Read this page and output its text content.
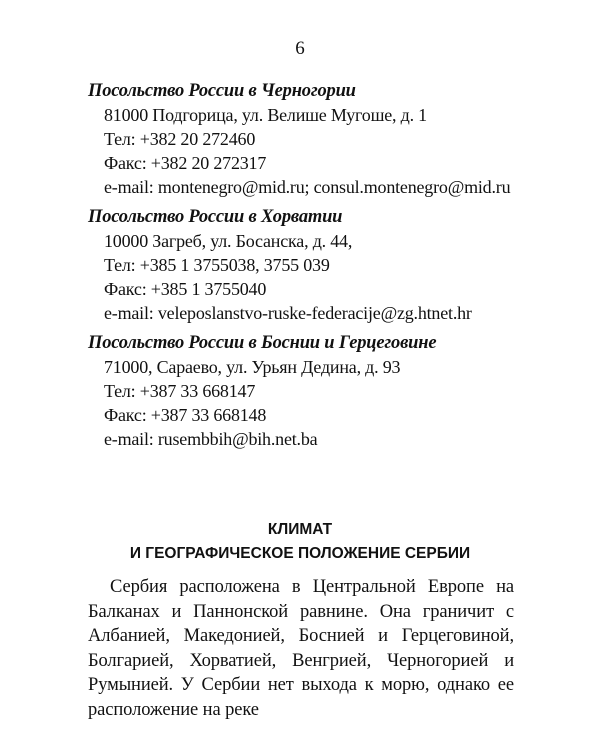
6
Посольство России в Черногории
81000 Подгорица, ул. Велише Мугоше, д. 1
Тел: +382 20 272460
Факс: +382 20 272317
e-mail: montenegro@mid.ru; consul.montenegro@mid.ru
Посольство России в Хорватии
10000 Загреб, ул. Босанска, д. 44,
Тел: +385 1 3755038, 3755 039
Факс: +385 1 3755040
e-mail: veleposlanstvo-ruske-federacije@zg.htnet.hr
Посольство России в Боснии и Герцеговине
71000, Сараево, ул. Урьян Дедина, д. 93
Тел: +387 33 668147
Факс: +387 33 668148
e-mail: rusembbih@bih.net.ba
КЛИМАТ
И ГЕОГРАФИЧЕСКОЕ ПОЛОЖЕНИЕ СЕРБИИ
Сербия расположена в Центральной Европе на Балканах и Паннонской равнине. Она граничит с Албанией, Македонией, Боснией и Герцеговиной, Болгарией, Хорватией, Венгрией, Черногорией и Румынией. У Сербии нет выхода к морю, однако ее расположение на реке
